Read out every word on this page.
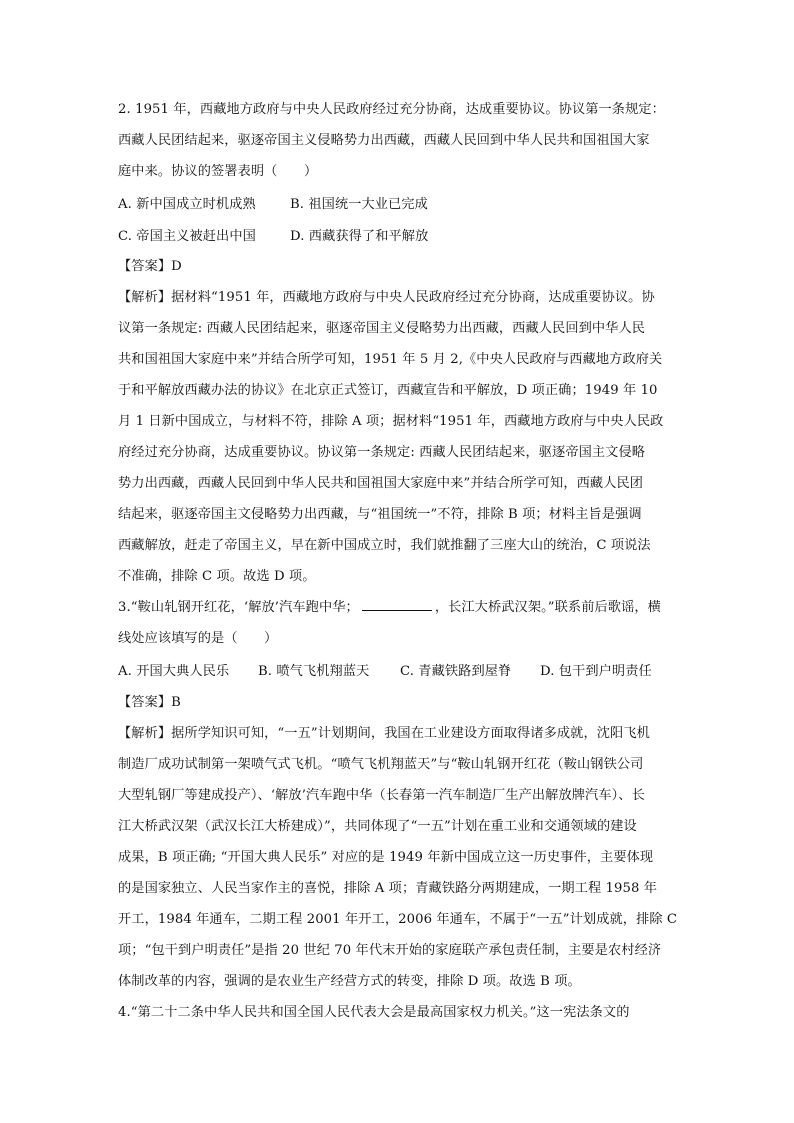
2. 1951 年，西藏地方政府与中央人民政府经过充分协商，达成重要协议。协议第一条规定：
西藏人民团结起来，驱逐帝国主义侵略势力出西藏，西藏人民回到中华人民共和国祖国大家
庭中来。协议的签署表明（　　）
A. 新中国成立时机成熟	B. 祖国统一大业已完成
C. 帝国主义被赶出中国	D. 西藏获得了和平解放
【答案】D
【解析】据材料“1951 年，西藏地方政府与中央人民政府经过充分协商，达成重要协议。协
议第一条规定: 西藏人民团结起来，驱逐帝国主义侵略势力出西藏，西藏人民回到中华人民
共和国祖国大家庭中来”并结合所学可知，1951 年 5 月 2,《中央人民政府与西藏地方政府关
于和平解放西藏办法的协议》在北京正式签订，西藏宣告和平解放，D 项正确；1949 年 10
月 1 日新中国成立，与材料不符，排除 A 项；据材料“1951 年，西藏地方政府与中央人民政
府经过充分协商，达成重要协议。协议第一条规定: 西藏人民团结起来，驱逐帝国主文侵略
势力出西藏，西藏人民回到中华人民共和国祖国大家庭中来”并结合所学可知，西藏人民团
结起来，驱逐帝国主文侵略势力出西藏，与“祖国统一”不符，排除 B 项；材料主旨是强调
西藏解放，赶走了帝国主义，早在新中国成立时，我们就推翻了三座大山的统治，C 项说法
不准确，排除 C 项。故选 D 项。
3.“鞍山轧钢开红花，‘解放’汽车跑中华；	，长江大桥武汉架。”联系前后歌谣，横
线处应该填写的是（　　）
A. 开国大典人民乐 B. 喷气飞机翔蓝天 C. 青藏铁路到屋脊 D. 包干到户明责任
【答案】B
【解析】据所学知识可知，“一五”计划期间，我国在工业建设方面取得诸多成就，沈阳飞机
制造厂成功试制第一架喷气式飞机。“喷气飞机翔蓝天”与“鞍山轧钢开红花（鞍山钢铁公司
大型轧钢厂等建成投产）、‘解放’汽车跑中华（长春第一汽车制造厂生产出解放牌汽车）、长
江大桥武汉架（武汉长江大桥建成）”，共同体现了“一五”计划在重工业和交通领域的建设
成果，B 项正确; “开国大典人民乐” 对应的是 1949 年新中国成立这一历史事件，主要体现
的是国家独立、人民当家作主的喜悦，排除 A 项；青藏铁路分两期建成，一期工程 1958 年
开工，1984 年通车，二期工程 2001 年开工，2006 年通车，不属于“一五”计划成就，排除 C
项；“包干到户明责任”是指 20 世纪 70 年代末开始的家庭联产承包责任制，主要是农村经济
体制改革的内容，强调的是农业生产经营方式的转变，排除 D 项。故选 B 项。
4.“第二十二条中华人民共和国全国人民代表大会是最高国家权力机关。”这一宪法条文的
